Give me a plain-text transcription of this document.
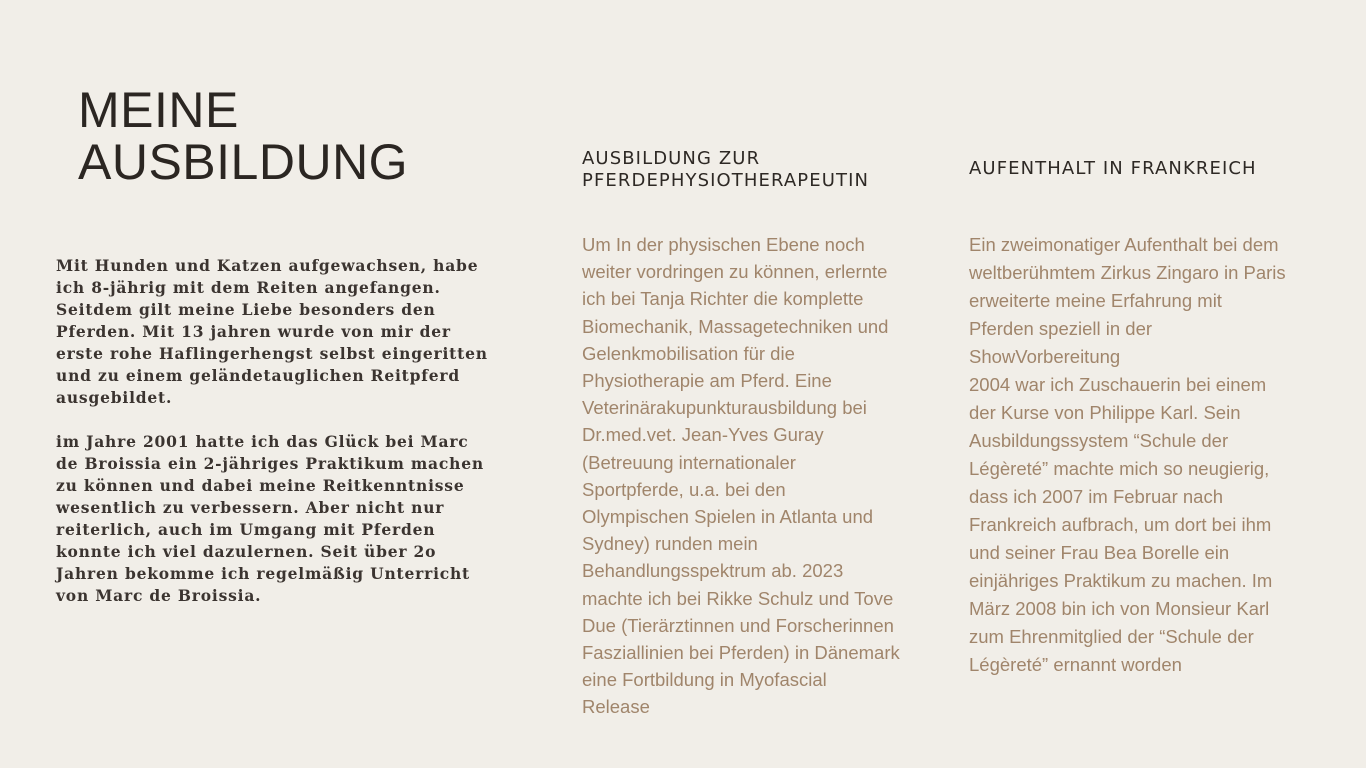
MEINE
AUSBILDUNG

Mit Hunden und Katzen aufgewachsen, habe ich 8-jährig mit dem Reiten angefangen. Seitdem gilt meine Liebe besonders den Pferden. Mit 13 jahren wurde von mir der erste rohe Haflingerhengst selbst eingeritten und zu einem geländetauglichen Reitpferd ausgebildet.

im Jahre 2001 hatte ich das Glück bei Marc de Broissia ein 2-jähriges Praktikum machen zu können und dabei meine Reitkenntnisse wesentlich zu verbessern. Aber nicht nur reiterlich, auch im Umgang mit Pferden konnte ich viel dazulernen. Seit über 2o Jahren bekomme ich regelmäßig Unterricht von Marc de Broissia.

AUSBILDUNG ZUR
PFERDEPHYSIOTHERAPEUTIN
Um In der physischen Ebene noch
weiter vordringen zu können, erlernte
ich bei Tanja Richter die komplette
Biomechanik, Massagetechniken und
Gelenkmobilisation für die
Physiotherapie am Pferd. Eine
Veterinärakupunkturausbildung bei
Dr.med.vet. Jean-Yves Guray
(Betreuung internationaler
Sportpferde, u.a. bei den
Olympischen Spielen in Atlanta und
Sydney) runden mein
Behandlungsspektrum ab. 2023
machte ich bei Rikke Schulz und Tove
Due (Tierärztinnen und Forscherinnen
Fasziallinien bei Pferden) in Dänemark
eine Fortbildung in Myofascial
Release
AUFENTHALT IN FRANKREICH
Ein zweimonatiger Aufenthalt bei dem
weltberühmtem Zirkus Zingaro in Paris
erweiterte meine Erfahrung mit
Pferden speziell in der
ShowVorbereitung
2004 war ich Zuschauerin bei einem
der Kurse von Philippe Karl. Sein
Ausbildungssystem “Schule der
Légèreté” machte mich so neugierig,
dass ich 2007 im Februar nach
Frankreich aufbrach, um dort bei ihm
und seiner Frau Bea Borelle ein
einjähriges Praktikum zu machen. Im
März 2008 bin ich von Monsieur Karl
zum Ehrenmitglied der “Schule der
Légèreté” ernannt worden
